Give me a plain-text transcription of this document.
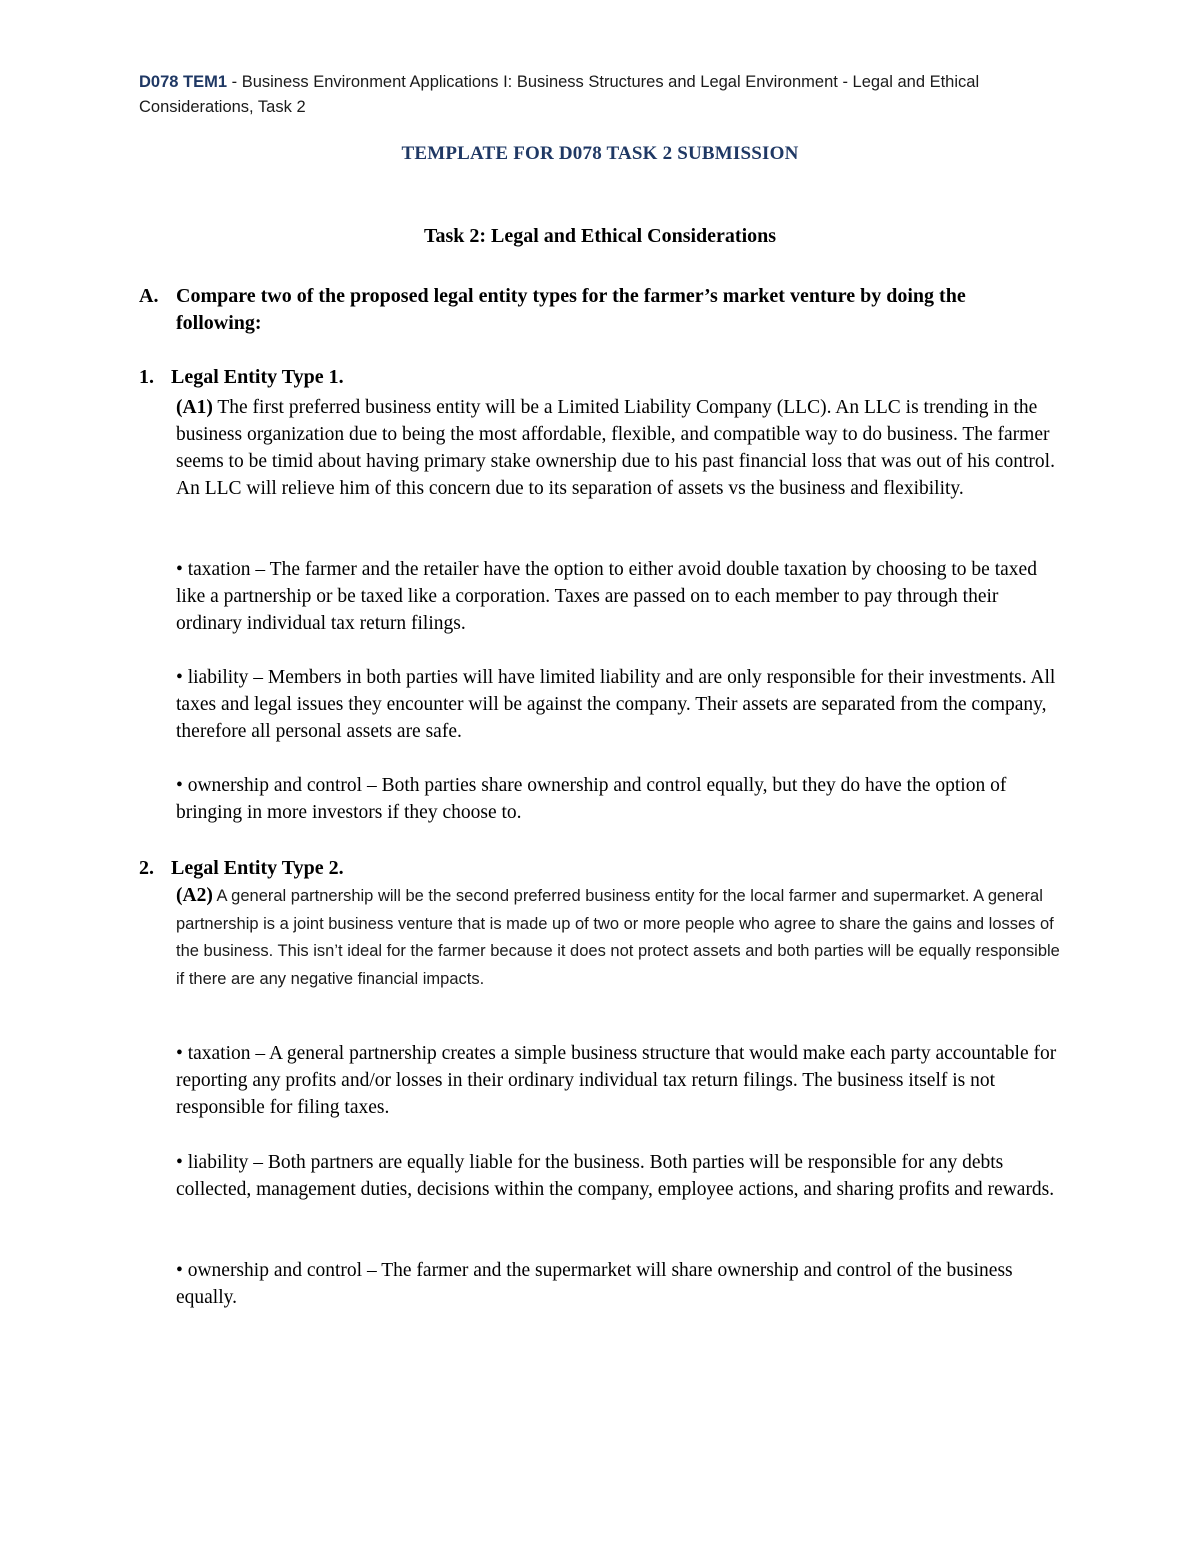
D078 TEM1 - Business Environment Applications I: Business Structures and Legal Environment - Legal and Ethical Considerations, Task 2
TEMPLATE FOR D078 TASK 2 SUBMISSION
Task 2: Legal and Ethical Considerations
A. Compare two of the proposed legal entity types for the farmer’s market venture by doing the following:
1. Legal Entity Type 1.
(A1) The first preferred business entity will be a Limited Liability Company (LLC). An LLC is trending in the business organization due to being the most affordable, flexible, and compatible way to do business. The farmer seems to be timid about having primary stake ownership due to his past financial loss that was out of his control. An LLC will relieve him of this concern due to its separation of assets vs the business and flexibility.
• taxation – The farmer and the retailer have the option to either avoid double taxation by choosing to be taxed like a partnership or be taxed like a corporation. Taxes are passed on to each member to pay through their ordinary individual tax return filings.
• liability – Members in both parties will have limited liability and are only responsible for their investments. All taxes and legal issues they encounter will be against the company. Their assets are separated from the company, therefore all personal assets are safe.
• ownership and control – Both parties share ownership and control equally, but they do have the option of bringing in more investors if they choose to.
2. Legal Entity Type 2.
(A2) A general partnership will be the second preferred business entity for the local farmer and supermarket. A general partnership is a joint business venture that is made up of two or more people who agree to share the gains and losses of the business. This isn’t ideal for the farmer because it does not protect assets and both parties will be equally responsible if there are any negative financial impacts.
• taxation – A general partnership creates a simple business structure that would make each party accountable for reporting any profits and/or losses in their ordinary individual tax return filings. The business itself is not responsible for filing taxes.
• liability – Both partners are equally liable for the business. Both parties will be responsible for any debts collected, management duties, decisions within the company, employee actions, and sharing profits and rewards.
• ownership and control – The farmer and the supermarket will share ownership and control of the business equally.
